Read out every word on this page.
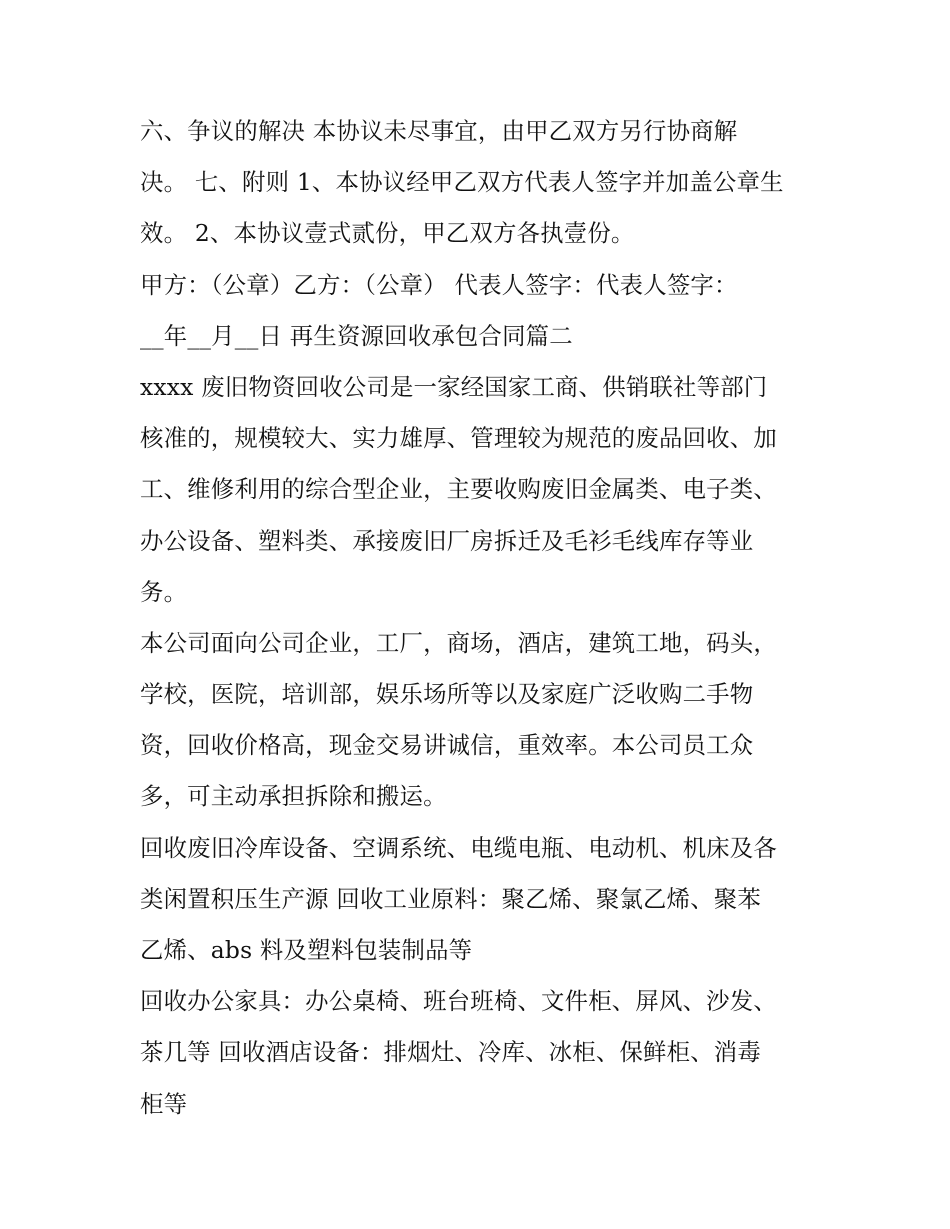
六、争议的解决 本协议未尽事宜，由甲乙双方另行协商解
决。 七、附则 1、本协议经甲乙双方代表人签字并加盖公章生
效。 2、本协议壹式贰份，甲乙双方各执壹份。
甲方：（公章）乙方：（公章） 代表人签字：代表人签字：
__年__月__日 再生资源回收承包合同篇二
xxxx 废旧物资回收公司是一家经国家工商、供销联社等部门
核准的，规模较大、实力雄厚、管理较为规范的废品回收、加
工、维修利用的综合型企业，主要收购废旧金属类、电子类、
办公设备、塑料类、承接废旧厂房拆迁及毛衫毛线库存等业
务。
本公司面向公司企业，工厂，商场，酒店，建筑工地，码头，
学校，医院，培训部，娱乐场所等以及家庭广泛收购二手物
资，回收价格高，现金交易讲诚信，重效率。本公司员工众
多，可主动承担拆除和搬运。
回收废旧冷库设备、空调系统、电缆电瓶、电动机、机床及各
类闲置积压生产源 回收工业原料：聚乙烯、聚氯乙烯、聚苯
乙烯、abs 料及塑料包装制品等
回收办公家具：办公桌椅、班台班椅、文件柜、屏风、沙发、
茶几等 回收酒店设备：排烟灶、冷库、冰柜、保鲜柜、消毒
柜等
